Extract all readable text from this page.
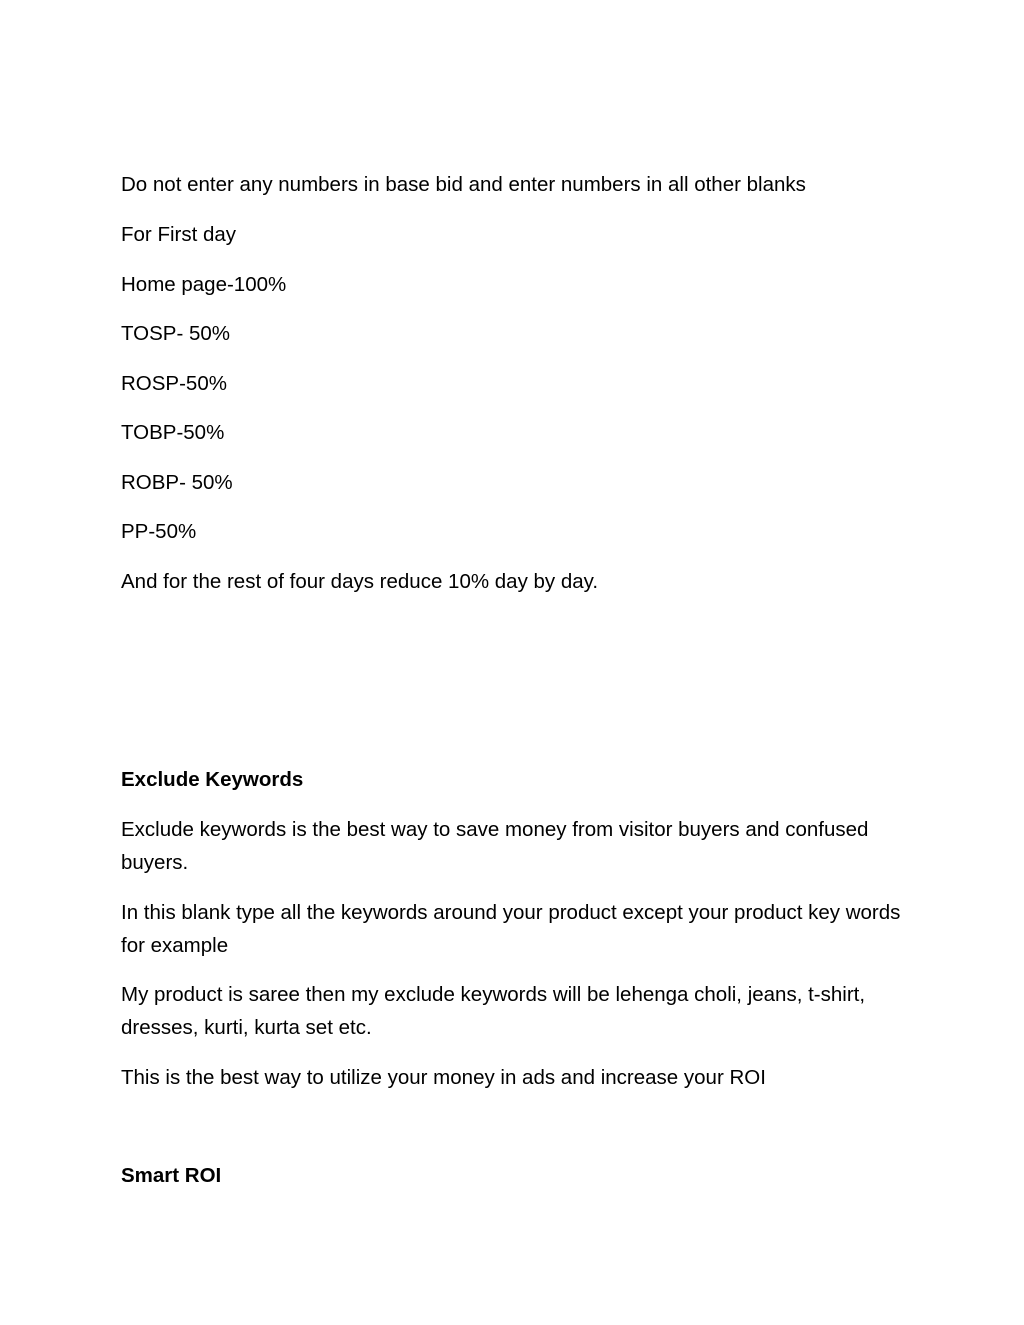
Do not enter any numbers in base bid and enter numbers in all other blanks

For First day

Home page-100%

TOSP- 50%

ROSP-50%

TOBP-50%

ROBP- 50%

PP-50%

And for the rest of four days reduce 10% day by day.

Exclude Keywords

Exclude keywords is the best way to save money from visitor buyers and confused buyers.

In this blank type all the keywords around your product except your product key words for example

My product is saree then my exclude keywords will be lehenga choli, jeans, t-shirt, dresses, kurti, kurta set etc.

This is the best way to utilize your money in ads and increase your ROI

Smart ROI
